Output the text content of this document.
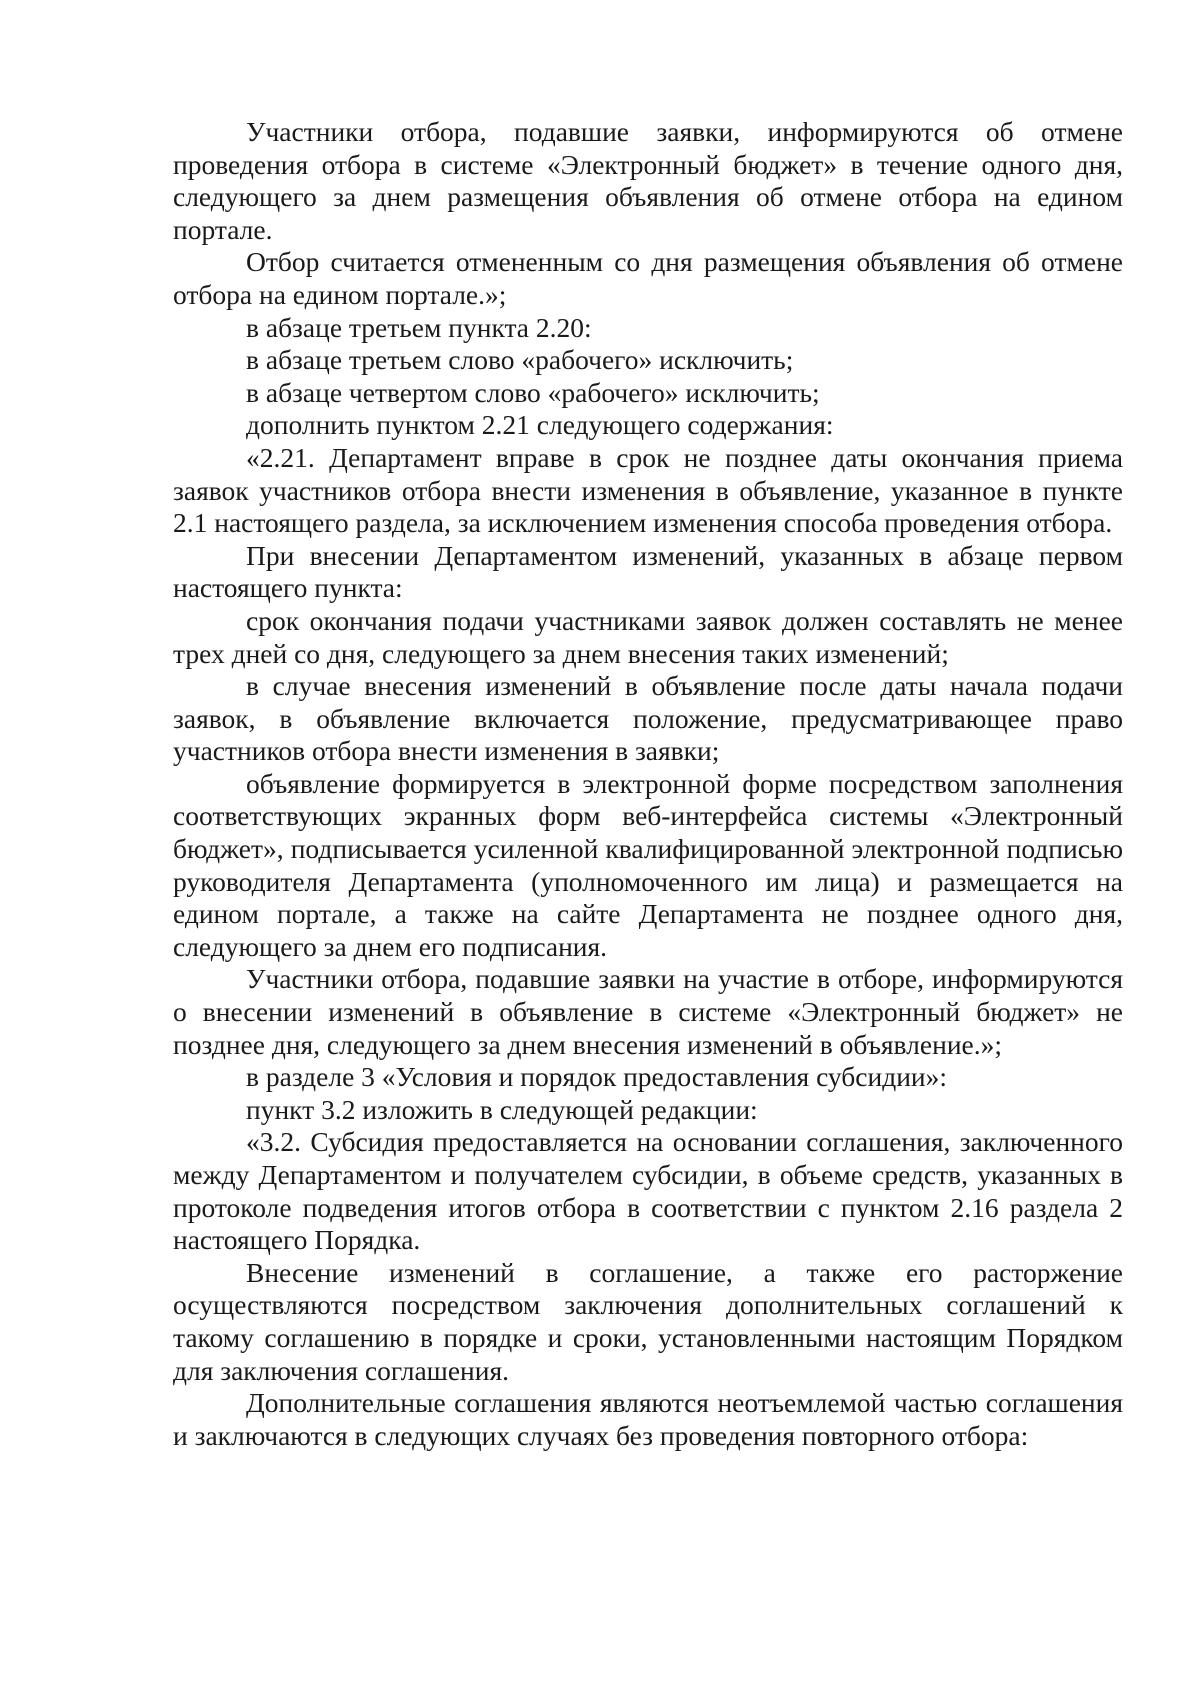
Участники отбора, подавшие заявки, информируются об отмене проведения отбора в системе «Электронный бюджет» в течение одного дня, следующего за днем размещения объявления об отмене отбора на едином портале.

Отбор считается отмененным со дня размещения объявления об отмене отбора на едином портале.»;

в абзаце третьем пункта 2.20:

в абзаце третьем слово «рабочего» исключить;

в абзаце четвертом слово «рабочего» исключить;

дополнить пунктом 2.21 следующего содержания:

«2.21. Департамент вправе в срок не позднее даты окончания приема заявок участников отбора внести изменения в объявление, указанное в пункте 2.1 настоящего раздела, за исключением изменения способа проведения отбора.

При внесении Департаментом изменений, указанных в абзаце первом настоящего пункта:

срок окончания подачи участниками заявок должен составлять не менее трех дней со дня, следующего за днем внесения таких изменений;

в случае внесения изменений в объявление после даты начала подачи заявок, в объявление включается положение, предусматривающее право участников отбора внести изменения в заявки;

объявление формируется в электронной форме посредством заполнения соответствующих экранных форм веб-интерфейса системы «Электронный бюджет», подписывается усиленной квалифицированной электронной подписью руководителя Департамента (уполномоченного им лица) и размещается на едином портале, а также на сайте Департамента не позднее одного дня, следующего за днем его подписания.

Участники отбора, подавшие заявки на участие в отборе, информируются о внесении изменений в объявление в системе «Электронный бюджет» не позднее дня, следующего за днем внесения изменений в объявление.»;

в разделе 3 «Условия и порядок предоставления субсидии»:

пункт 3.2 изложить в следующей редакции:

«3.2. Субсидия предоставляется на основании соглашения, заключенного между Департаментом и получателем субсидии, в объеме средств, указанных в протоколе подведения итогов отбора в соответствии с пунктом 2.16 раздела 2 настоящего Порядка.

Внесение изменений в соглашение, а также его расторжение осуществляются посредством заключения дополнительных соглашений к такому соглашению в порядке и сроки, установленными настоящим Порядком для заключения соглашения.

Дополнительные соглашения являются неотъемлемой частью соглашения и заключаются в следующих случаях без проведения повторного отбора:
